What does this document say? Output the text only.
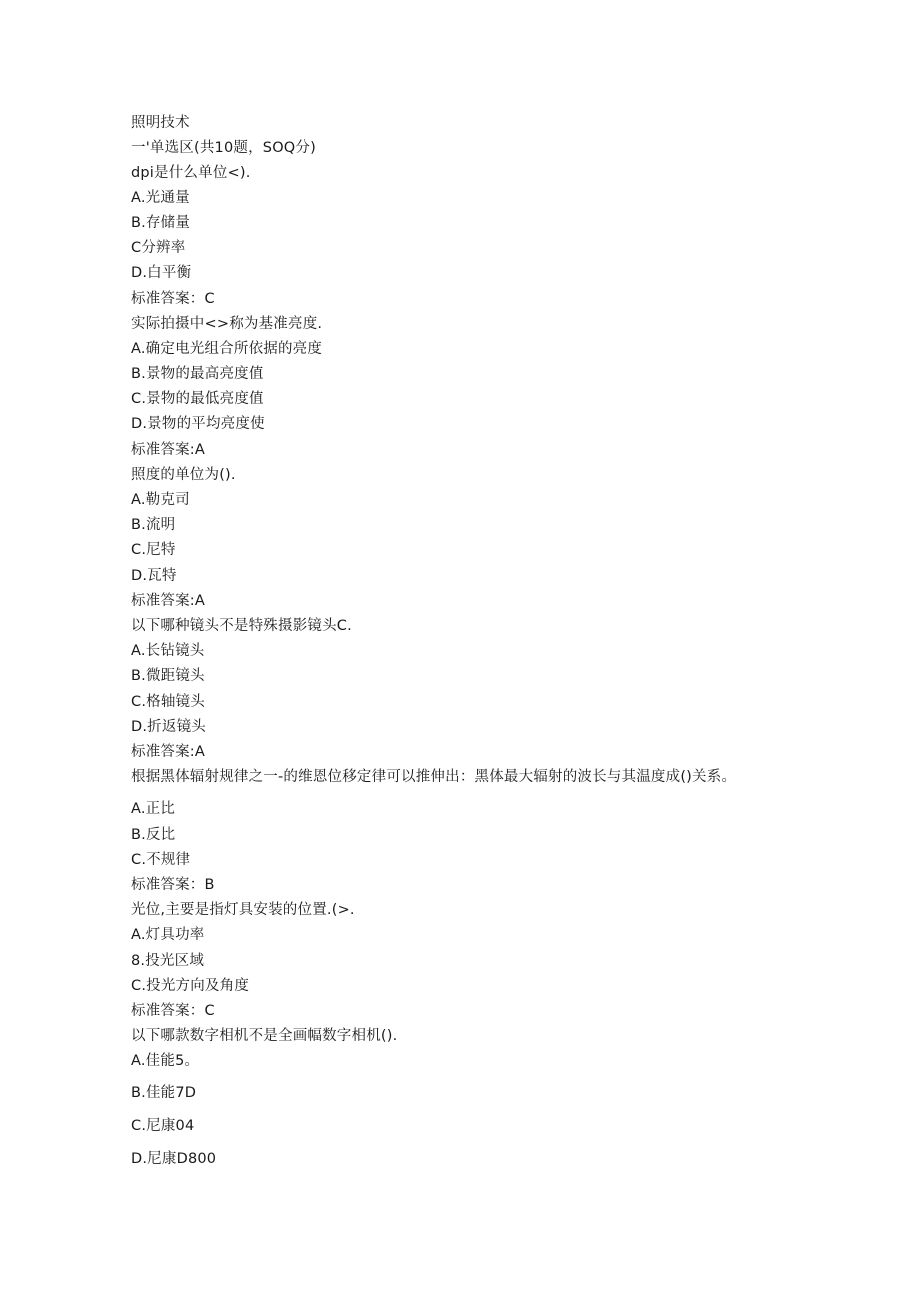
照明技术
一'单选区(共10题，SOQ分)
dpi是什么单位<).
A.光通量
B.存储量
C分辨率
D.白平衡
标准答案：C
实际拍摄中<>称为基准亮度.
A.确定电光组合所依据的亮度
B.景物的最高亮度值
C.景物的最低亮度值
D.景物的平均亮度使
标准答案:A
照度的单位为().
A.勒克司
B.流明
C.尼特
D.瓦特
标准答案:A
以下哪种镜头不是特殊摄影镜头C.
A.长钻镜头
B.微距镜头
C.格轴镜头
D.折返镜头
标准答案:A
根据黑体辐射规律之一-的维恩位移定律可以推伸出：黑体最大辐射的波长与其温度成()关系。
A.正比
B.反比
C.不规律
标准答案：B
光位,主要是指灯具安装的位置.(>.
A.灯具功率
8.投光区域
C.投光方向及角度
标准答案：C
以下哪款数字相机不是全画幅数字相机().
A.佳能5。
B.佳能7D
C.尼康04
D.尼康D800
